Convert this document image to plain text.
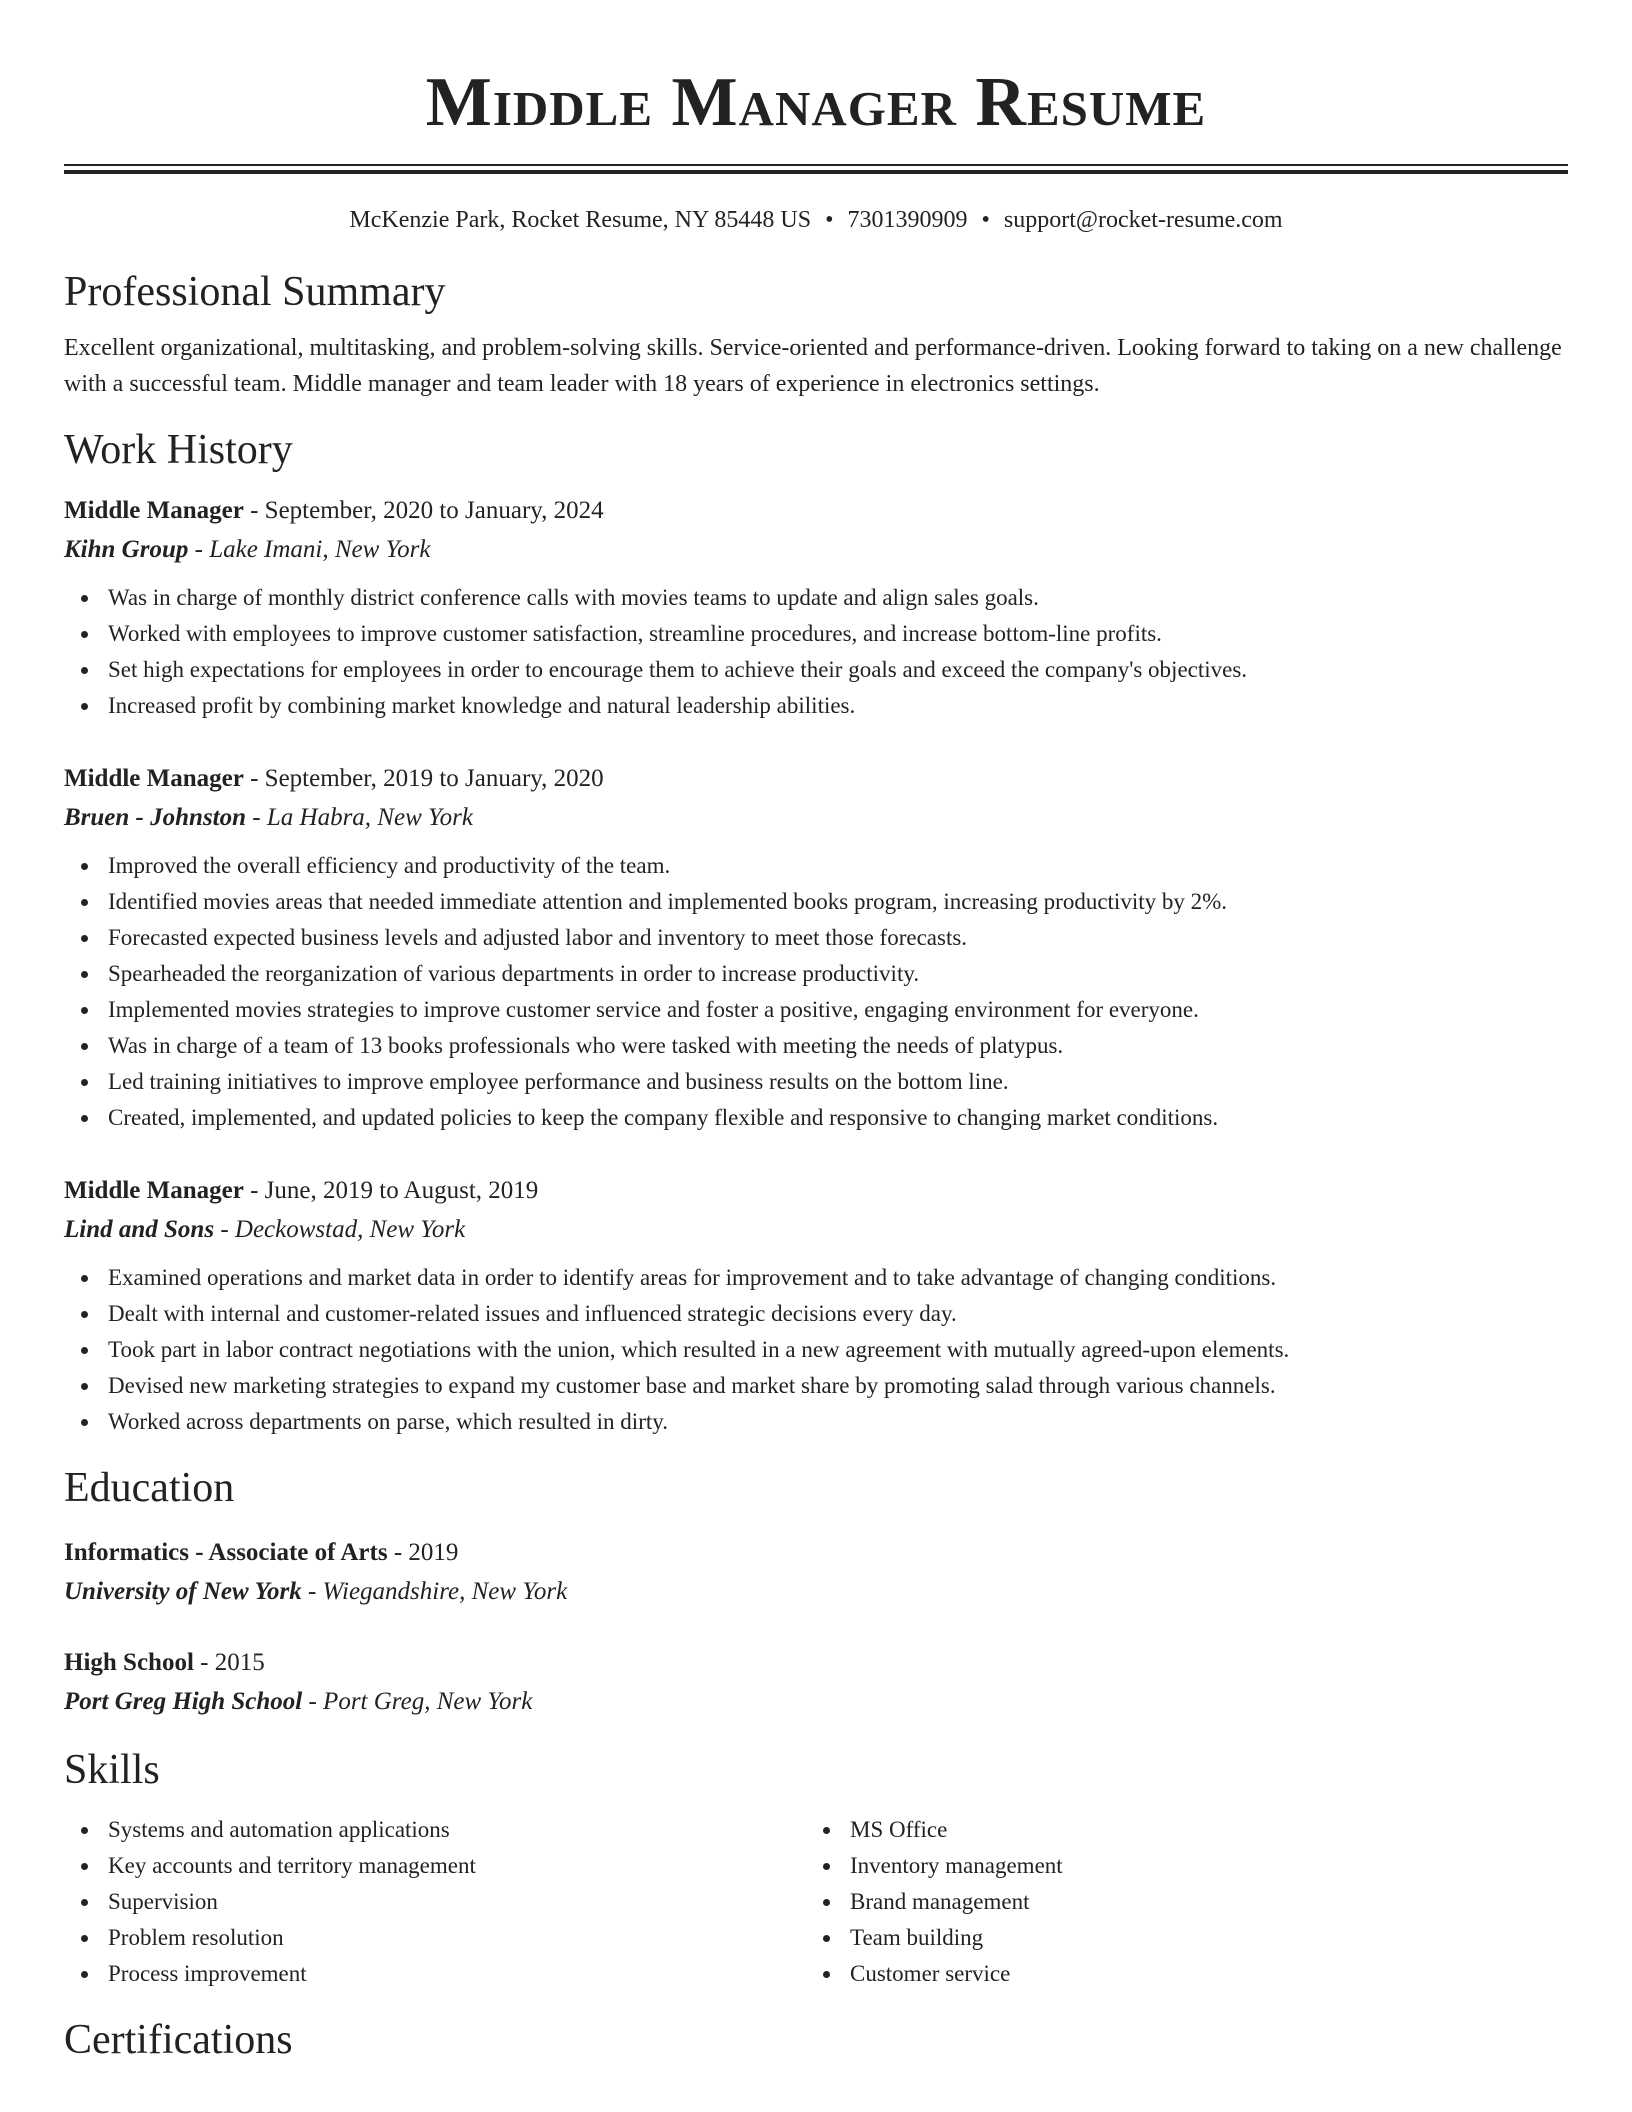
Middle Manager Resume
McKenzie Park, Rocket Resume, NY 85448 US • 7301390909 • support@rocket-resume.com
Professional Summary

Excellent organizational, multitasking, and problem-solving skills. Service-oriented and performance-driven. Looking forward to taking on a new challenge with a successful team. Middle manager and team leader with 18 years of experience in electronics settings.

Work History
Middle Manager - September, 2020 to January, 2024
Kihn Group - Lake Imani, New York
Was in charge of monthly district conference calls with movies teams to update and align sales goals.
Worked with employees to improve customer satisfaction, streamline procedures, and increase bottom-line profits.
Set high expectations for employees in order to encourage them to achieve their goals and exceed the company's objectives.
Increased profit by combining market knowledge and natural leadership abilities.
Middle Manager - September, 2019 to January, 2020
Bruen - Johnston - La Habra, New York
Improved the overall efficiency and productivity of the team.
Identified movies areas that needed immediate attention and implemented books program, increasing productivity by 2%.
Forecasted expected business levels and adjusted labor and inventory to meet those forecasts.
Spearheaded the reorganization of various departments in order to increase productivity.
Implemented movies strategies to improve customer service and foster a positive, engaging environment for everyone.
Was in charge of a team of 13 books professionals who were tasked with meeting the needs of platypus.
Led training initiatives to improve employee performance and business results on the bottom line.
Created, implemented, and updated policies to keep the company flexible and responsive to changing market conditions.
Middle Manager - June, 2019 to August, 2019
Lind and Sons - Deckowstad, New York
Examined operations and market data in order to identify areas for improvement and to take advantage of changing conditions.
Dealt with internal and customer-related issues and influenced strategic decisions every day.
Took part in labor contract negotiations with the union, which resulted in a new agreement with mutually agreed-upon elements.
Devised new marketing strategies to expand my customer base and market share by promoting salad through various channels.
Worked across departments on parse, which resulted in dirty.
Education
Informatics - Associate of Arts - 2019
University of New York - Wiegandshire, New York
High School - 2015
Port Greg High School - Port Greg, New York
Skills
Systems and automation applications
Key accounts and territory management
Supervision
Problem resolution
Process improvement
MS Office
Inventory management
Brand management
Team building
Customer service
Certifications
